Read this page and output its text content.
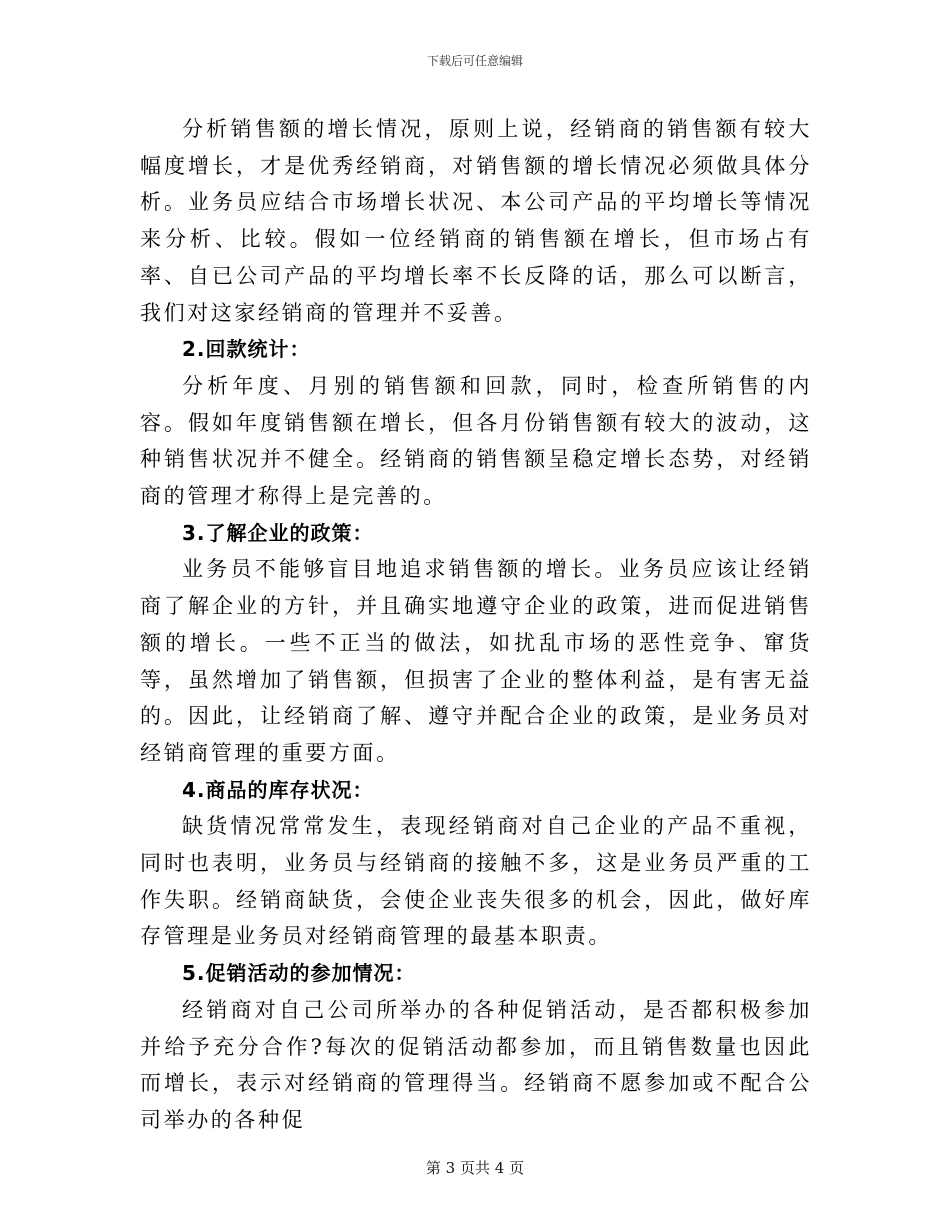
下载后可任意编辑

分析销售额的增长情况，原则上说，经销商的销售额有较大幅度增长，才是优秀经销商，对销售额的增长情况必须做具体分析。业务员应结合市场增长状况、本公司产品的平均增长等情况来分析、比较。假如一位经销商的销售额在增长，但市场占有率、自已公司产品的平均增长率不长反降的话，那么可以断言，我们对这家经销商的管理并不妥善。

2.回款统计：

分析年度、月别的销售额和回款，同时，检查所销售的内容。假如年度销售额在增长，但各月份销售额有较大的波动，这种销售状况并不健全。经销商的销售额呈稳定增长态势，对经销商的管理才称得上是完善的。

3.了解企业的政策：

业务员不能够盲目地追求销售额的增长。业务员应该让经销商了解企业的方针，并且确实地遵守企业的政策，进而促进销售额的增长。一些不正当的做法，如扰乱市场的恶性竞争、窜货等，虽然增加了销售额，但损害了企业的整体利益，是有害无益的。因此，让经销商了解、遵守并配合企业的政策，是业务员对经销商管理的重要方面。

4.商品的库存状况：

缺货情况常常发生，表现经销商对自己企业的产品不重视，同时也表明，业务员与经销商的接触不多，这是业务员严重的工作失职。经销商缺货，会使企业丧失很多的机会，因此，做好库存管理是业务员对经销商管理的最基本职责。

5.促销活动的参加情况：

经销商对自己公司所举办的各种促销活动，是否都积极参加并给予充分合作?每次的促销活动都参加，而且销售数量也因此而增长，表示对经销商的管理得当。经销商不愿参加或不配合公司举办的各种促

第 3 页共 4 页
